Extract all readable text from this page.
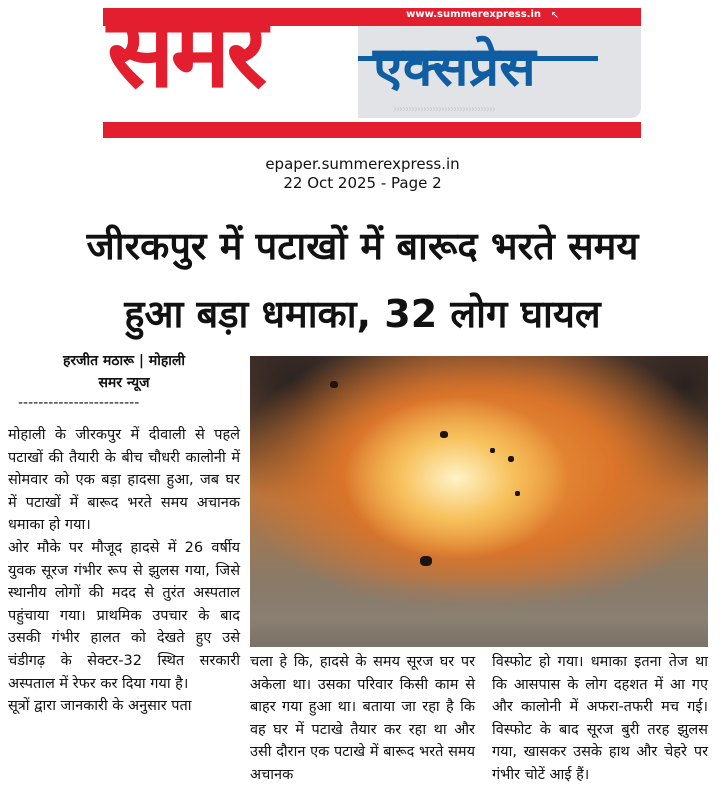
www.summerexpress.in ↖
समर एक्सप्रेस
››››››››››››››››››››››››››››››››››
epaper.summerexpress.in
22 Oct 2025 - Page 2
जीरकपुर में पटाखों में बारूद भरते समय
हुआ बड़ा धमाका, 32 लोग घायल
हरजीत मठारू | मोहाली
समर न्यूज
------------------------

मोहाली के जीरकपुर में दीवाली से पहले पटाखों की तैयारी के बीच चौधरी कालोनी में सोमवार को एक बड़ा हादसा हुआ, जब घर में पटाखों में बारूद भरते समय अचानक धमाका हो गया।

ओर मौके पर मौजूद हादसे में 26 वर्षीय युवक सूरज गंभीर रूप से झुलस गया, जिसे स्थानीय लोगों की मदद से तुरंत अस्पताल पहुंचाया गया। प्राथमिक उपचार के बाद उसकी गंभीर हालत को देखते हुए उसे चंडीगढ़ के सेक्टर-32 स्थित सरकारी अस्पताल में रेफर कर दिया गया है।

सूत्रों द्वारा जानकारी के अनुसार पता

चला हे कि, हादसे के समय सूरज घर पर अकेला था। उसका परिवार किसी काम से बाहर गया हुआ था। बताया जा रहा है कि वह घर में पटाखे तैयार कर रहा था और उसी दौरान एक पटाखे में बारूद भरते समय अचानक

विस्फोट हो गया। धमाका इतना तेज था कि आसपास के लोग दहशत में आ गए और कालोनी में अफरा-तफरी मच गई। विस्फोट के बाद सूरज बुरी तरह झुलस गया, खासकर उसके हाथ और चेहरे पर गंभीर चोटें आई हैं।
